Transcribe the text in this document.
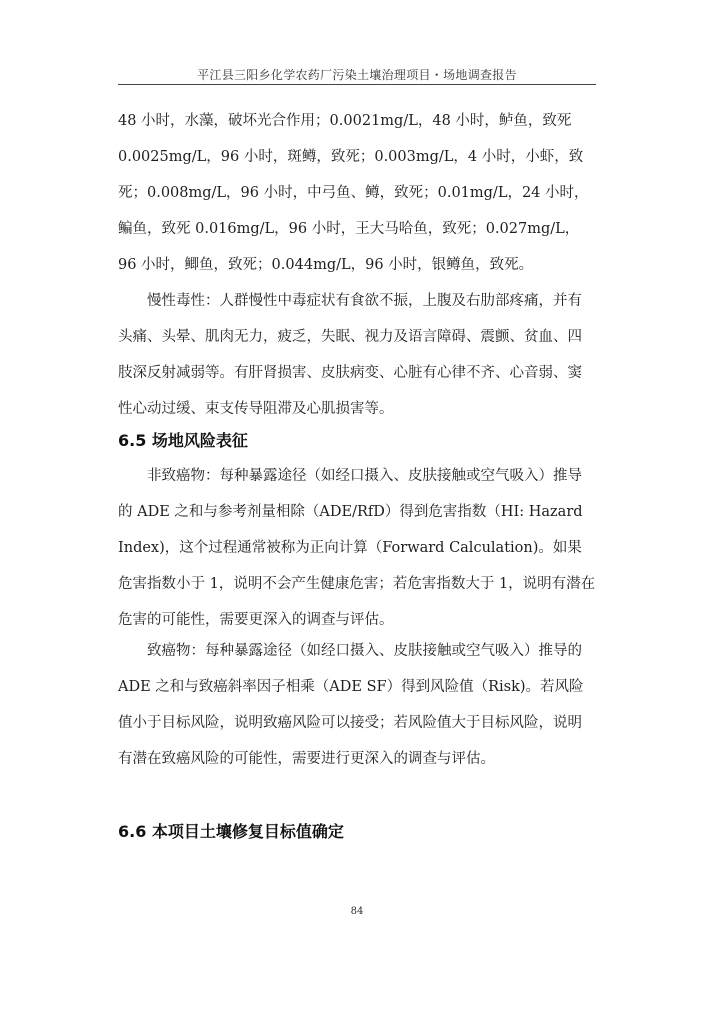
平江县三阳乡化学农药厂污染土壤治理项目・场地调查报告
48 小时，水藻，破坏光合作用；0.0021mg/L，48 小时，鲈鱼，致死 0.0025mg/L，96 小时，斑鳟，致死；0.003mg/L，4 小时，小虾，致死；0.008mg/L，96 小时，中弓鱼、鳟，致死；0.01mg/L，24 小时，鳊鱼，致死 0.016mg/L，96 小时，王大马哈鱼，致死；0.027mg/L，96 小时，鲫鱼，致死；0.044mg/L，96 小时，银鳟鱼，致死。

慢性毒性：人群慢性中毒症状有食欲不振，上腹及右肋部疼痛，并有头痛、头晕、肌肉无力，疲乏，失眠、视力及语言障碍、震颤、贫血、四肢深反射减弱等。有肝肾损害、皮肤病变、心脏有心律不齐、心音弱、窦性心动过缓、束支传导阻滞及心肌损害等。

6.5 场地风险表征

非致癌物：每种暴露途径（如经口摄入、皮肤接触或空气吸入）推导的 ADE 之和与参考剂量相除（ADE/RfD）得到危害指数（HI: Hazard Index)，这个过程通常被称为正向计算（Forward Calculation)。如果危害指数小于 1，说明不会产生健康危害；若危害指数大于 1，说明有潜在危害的可能性，需要更深入的调查与评估。

致癌物：每种暴露途径（如经口摄入、皮肤接触或空气吸入）推导的 ADE 之和与致癌斜率因子相乘（ADE SF）得到风险值（Risk)。若风险值小于目标风险，说明致癌风险可以接受；若风险值大于目标风险，说明有潜在致癌风险的可能性，需要进行更深入的调查与评估。

6.6 本项目土壤修复目标值确定
84
